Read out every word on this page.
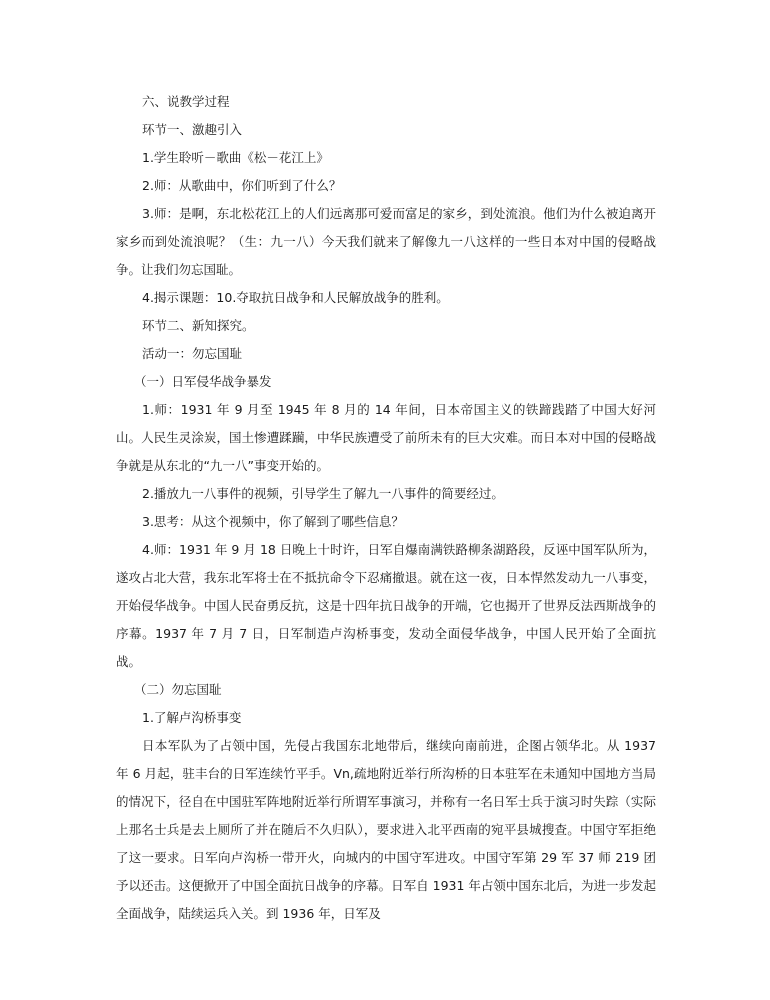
六、说教学过程

环节一、激趣引入

1.学生聆听－歌曲《松－花江上》

2.师：从歌曲中，你们听到了什么？

3.师：是啊，东北松花江上的人们远离那可爱而富足的家乡，到处流浪。他们为什么被迫离开家乡而到处流浪呢？（生：九一八）今天我们就来了解像九一八这样的一些日本对中国的侵略战争。让我们勿忘国耻。

4.揭示课题：10.夺取抗日战争和人民解放战争的胜利。

环节二、新知探究。

活动一：勿忘国耻

（一）日军侵华战争暴发

1.师：1931 年 9 月至 1945 年 8 月的 14 年间，日本帝国主义的铁蹄践踏了中国大好河山。人民生灵涂炭，国土惨遭蹂躏，中华民族遭受了前所未有的巨大灾难。而日本对中国的侵略战争就是从东北的“九一八”事变开始的。

2.播放九一八事件的视频，引导学生了解九一八事件的简要经过。

3.思考：从这个视频中，你了解到了哪些信息？

4.师：1931 年 9 月 18 日晚上十时许，日军自爆南满铁路柳条湖路段，反诬中国军队所为，遂攻占北大营，我东北军将士在不抵抗命令下忍痛撤退。就在这一夜，日本悍然发动九一八事变，开始侵华战争。中国人民奋勇反抗，这是十四年抗日战争的开端，它也揭开了世界反法西斯战争的序幕。1937 年 7 月 7 日，日军制造卢沟桥事变，发动全面侵华战争，中国人民开始了全面抗战。

（二）勿忘国耻

1.了解卢沟桥事变

日本军队为了占领中国，先侵占我国东北地带后，继续向南前进，企图占领华北。从 1937 年 6 月起，驻丰台的日军连续竹平手。Vn,疏地附近举行所沟桥的日本驻军在未通知中国地方当局的情况下，径自在中国驻军阵地附近举行所谓军事演习，并称有一名日军士兵于演习时失踪（实际上那名士兵是去上厕所了并在随后不久归队），要求进入北平西南的宛平县城搜查。中国守军拒绝了这一要求。日军向卢沟桥一带开火，向城内的中国守军进攻。中国守军第 29 军 37 师 219 团予以还击。这便掀开了中国全面抗日战争的序幕。日军自 1931 年占领中国东北后，为进一步发起全面战争，陆续运兵入关。到 1936 年，日军及
